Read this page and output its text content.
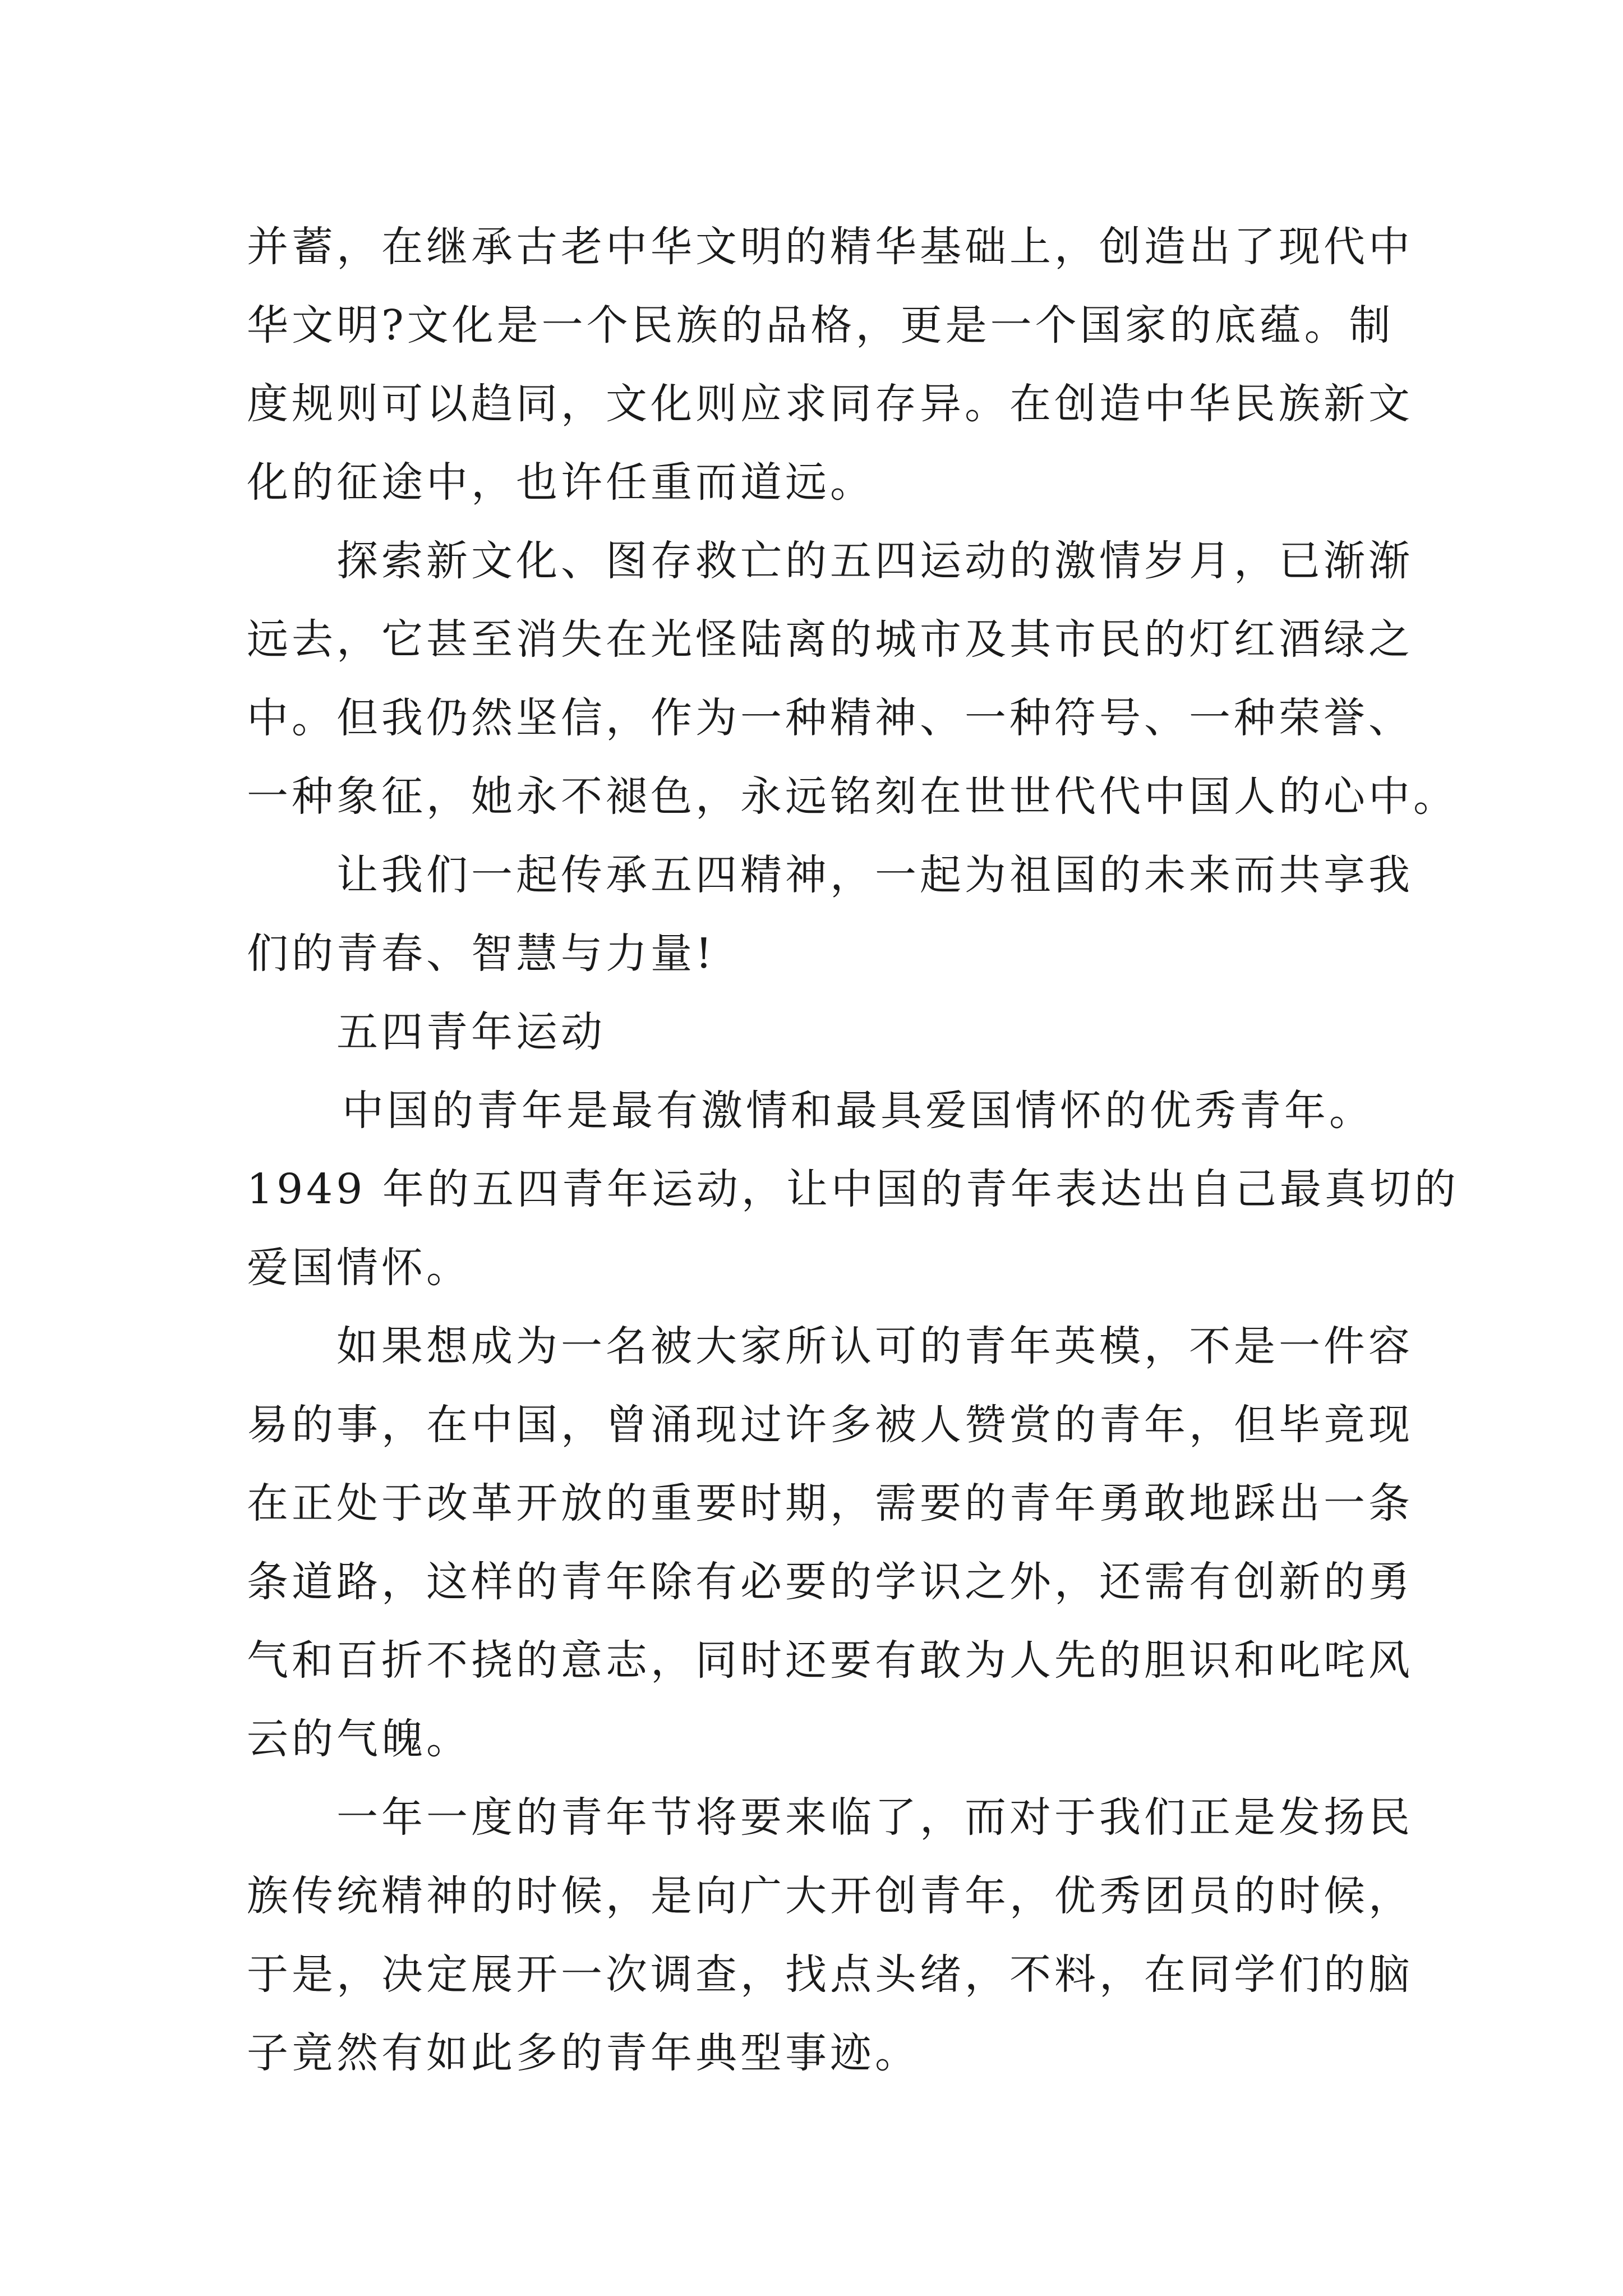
并蓄，在继承古老中华文明的精华基础上，创造出了现代中
华文明?文化是一个民族的品格，更是一个国家的底蕴。制
度规则可以趋同，文化则应求同存异。在创造中华民族新文
化的征途中，也许任重而道远。

探索新文化、图存救亡的五四运动的激情岁月，已渐渐
远去，它甚至消失在光怪陆离的城市及其市民的灯红酒绿之
中。但我仍然坚信，作为一种精神、一种符号、一种荣誉、
一种象征，她永不褪色，永远铭刻在世世代代中国人的心中。

让我们一起传承五四精神，一起为祖国的未来而共享我
们的青春、智慧与力量!

五四青年运动

中国的青年是最有激情和最具爱国情怀的优秀青年。
1949 年的五四青年运动，让中国的青年表达出自己最真切的
爱国情怀。

如果想成为一名被大家所认可的青年英模，不是一件容
易的事，在中国，曾涌现过许多被人赞赏的青年，但毕竟现
在正处于改革开放的重要时期，需要的青年勇敢地踩出一条
条道路，这样的青年除有必要的学识之外，还需有创新的勇
气和百折不挠的意志，同时还要有敢为人先的胆识和叱咤风
云的气魄。

一年一度的青年节将要来临了，而对于我们正是发扬民
族传统精神的时候，是向广大开创青年，优秀团员的时候，
于是，决定展开一次调查，找点头绪，不料，在同学们的脑
子竟然有如此多的青年典型事迹。
